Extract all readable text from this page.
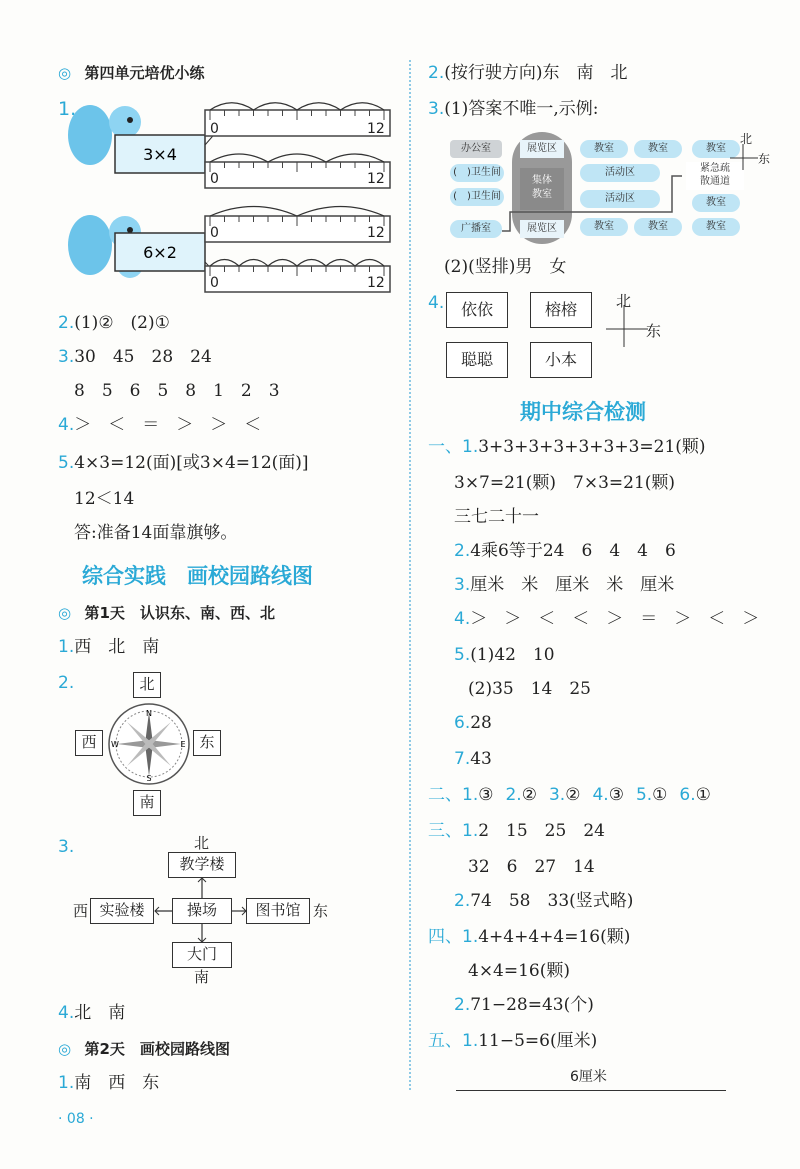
◎ 第四单元培优小练
1.
3×4
6×2
0	12
0	12
0	12
0	12
2.(1)②　(2)①
3.30　45　28　24
8　5　6　5　8　1　2　3
4.＞　＜　＝　＞　＞　＜
5.4×3=12(面)[或3×4=12(面)]
12＜14
答:准备14面靠旗够。
综合实践　画校园路线图
◎ 第1天　认识东、南、西、北
1.西　北　南
2.	北
南
西	东
N
S
E
W
3.	北
教学楼
西 实验楼	操场	图书馆 东
大门
南
4.北　南
◎ 第2天　画校园路线图
1.南　西　东
· 08 ·
2.(按行驶方向)东　南　北
3.(1)答案不唯一,示例:
办公室	展览区
集体
教室
展览区
教室	教室	教室
(　)卫生间
(　)卫生间
活动区
活动区
紧急疏
散通道
教室
广播室	教室	教室	教室
北
东
(2)(竖排)男　女
4.	依依	榕榕
聪聪	小本
北
东
期中综合检测
一、1.3+3+3+3+3+3+3=21(颗)
3×7=21(颗)　7×3=21(颗)
三七二十一
2.4乘6等于24　6　4　4　6
3.厘米　米　厘米　米　厘米
4.＞　＞　＜　＜　＞　＝　＞　＜　＞
5.(1)42　10
(2)35　14　25
6.28
7.43
二、1.③ 2.② 3.② 4.③ 5.① 6.①
三、1.2　15　25　24
32　6　27　14
2.74　58　33(竖式略)
四、1.4+4+4+4=16(颗)
4×4=16(颗)
2.71−28=43(个)
五、1.11−5=6(厘米)
6厘米
